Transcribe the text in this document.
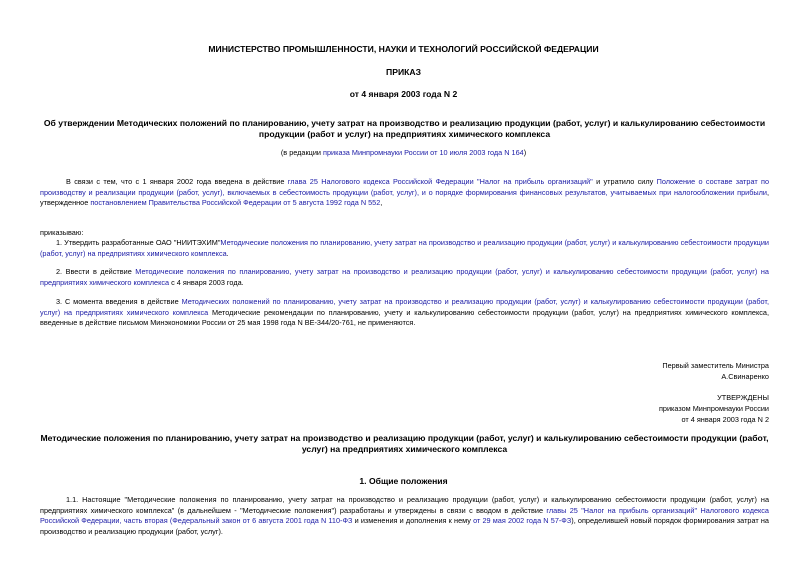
МИНИСТЕРСТВО ПРОМЫШЛЕННОСТИ, НАУКИ И ТЕХНОЛОГИЙ РОССИЙСКОЙ ФЕДЕРАЦИИ
ПРИКАЗ
от 4 января 2003 года N 2
Об утверждении Методических положений по планированию, учету затрат на производство и реализацию продукции (работ, услуг) и калькулированию себестоимости продукции (работ и услуг) на предприятиях химического комплекса
(в редакции приказа Минпромнауки России от 10 июля 2003 года N 164)
В связи с тем, что с 1 января 2002 года введена в действие глава 25 Налогового кодекса Российской Федерации "Налог на прибыль организаций" и утратило силу Положение о составе затрат по производству и реализации продукции (работ, услуг), включаемых в себестоимость продукции (работ, услуг), и о порядке формирования финансовых результатов, учитываемых при налогообложении прибыли, утвержденное постановлением Правительства Российской Федерации от 5 августа 1992 года N 552,
приказываю:
1. Утвердить разработанные ОАО "НИИТЭХИМ"Методические положения по планированию, учету затрат на производство и реализацию продукции (работ, услуг) и калькулированию себестоимости продукции (работ, услуг) на предприятиях химического комплекса.
2. Ввести в действие Методические положения по планированию, учету затрат на производство и реализацию продукции (работ, услуг) и калькулированию себестоимости продукции (работ, услуг) на предприятиях химического комплекса с 4 января 2003 года.
3. С момента введения в действие Методических положений по планированию, учету затрат на производство и реализацию продукции (работ, услуг) и калькулированию себестоимости продукции (работ, услуг) на предприятиях химического комплекса Методические рекомендации по планированию, учету и калькулированию себестоимости продукции (работ, услуг) на предприятиях химического комплекса, введенные в действие письмом Минэкономики России от 25 мая 1998 года N ВЕ-344/20-761, не применяются.
Первый заместитель Министра
А.Свинаренко
УТВЕРЖДЕНЫ
приказом Минпромнауки России
от 4 января 2003 года N 2
Методические положения по планированию, учету затрат на производство и реализацию продукции (работ, услуг) и калькулированию себестоимости продукции (работ, услуг) на предприятиях химического комплекса
1. Общие положения
1.1. Настоящие "Методические положения по планированию, учету затрат на производство и реализацию продукции (работ, услуг) и калькулированию себестоимости продукции (работ, услуг) на предприятиях химического комплекса" (в дальнейшем - "Методические положения") разработаны и утверждены в связи с вводом в действие главы 25 "Налог на прибыль организаций" Налогового кодекса Российской Федерации, часть вторая (Федеральный закон от 6 августа 2001 года N 110-ФЗ и изменения и дополнения к нему от 29 мая 2002 года N 57-ФЗ), определившей новый порядок формирования затрат на производство и реализацию продукции (работ, услуг).
